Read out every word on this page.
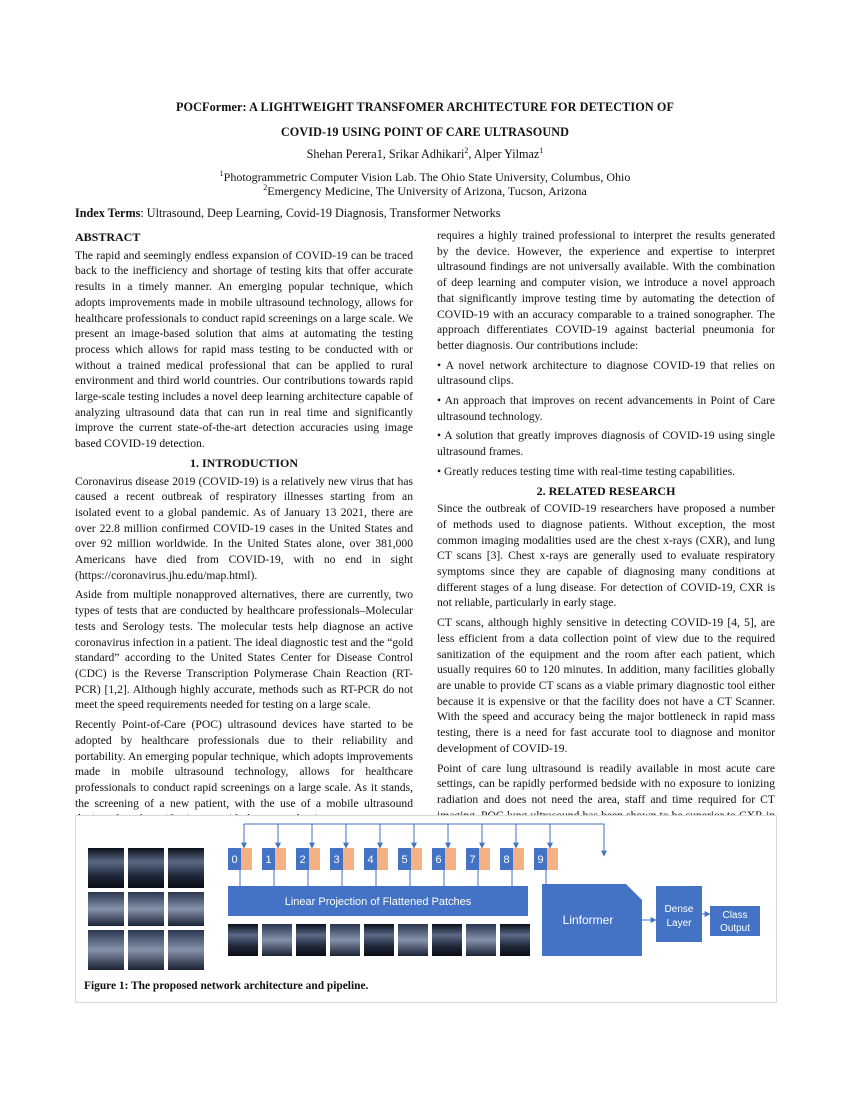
POCFormer: A LIGHTWEIGHT TRANSFOMER ARCHITECTURE FOR DETECTION OF
COVID-19 USING POINT OF CARE ULTRASOUND
Shehan Perera1, Srikar Adhikari$^2$, Alper Yilmaz$^1$
$^1$Photogrammetric Computer Vision Lab. The Ohio State University, Columbus, Ohio
$^2$Emergency Medicine, The University of Arizona, Tucson, Arizona
Index Terms: Ultrasound, Deep Learning, Covid-19 Diagnosis, Transformer Networks
ABSTRACT

The rapid and seemingly endless expansion of COVID-19 can be traced back to the inefficiency and shortage of testing kits that offer accurate results in a timely manner. An emerging popular technique, which adopts improvements made in mobile ultrasound technology, allows for healthcare professionals to conduct rapid screenings on a large scale. We present an image-based solution that aims at automating the testing process which allows for rapid mass testing to be conducted with or without a trained medical professional that can be applied to rural environment and third world countries. Our contributions towards rapid large-scale testing includes a novel deep learning architecture capable of analyzing ultrasound data that can run in real time and significantly improve the current state-of-the-art detection accuracies using image based COVID-19 detection.

1. INTRODUCTION

Coronavirus disease 2019 (COVID-19) is a relatively new virus that has caused a recent outbreak of respiratory illnesses starting from an isolated event to a global pandemic. As of January 13 2021, there are over 22.8 million confirmed COVID-19 cases in the United States and over 92 million worldwide. In the United States alone, over 381,000 Americans have died from COVID-19, with no end in sight (https://coronavirus.jhu.edu/map.html).

Aside from multiple nonapproved alternatives, there are currently, two types of tests that are conducted by healthcare professionals–Molecular tests and Serology tests. The molecular tests help diagnose an active coronavirus infection in a patient. The ideal diagnostic test and the “gold standard” according to the United States Center for Disease Control (CDC) is the Reverse Transcription Polymerase Chain Reaction (RT-PCR) [1,2]. Although highly accurate, methods such as RT-PCR do not meet the speed requirements needed for testing on a large scale.

Recently Point-of-Care (POC) ultrasound devices have started to be adopted by healthcare professionals due to their reliability and portability. An emerging popular technique, which adopts improvements made in mobile ultrasound technology, allows for healthcare professionals to conduct rapid screenings on a large scale. As it stands, the screening of a new patient, with the use of a mobile ultrasound

requires a highly trained professional to interpret the results generated by the device. However, the experience and expertise to interpret ultrasound findings are not universally available. With the combination of deep learning and computer vision, we introduce a novel approach that significantly improve testing time by automating the detection of COVID-19 with an accuracy comparable to a trained sonographer. The approach differentiates COVID-19 against bacterial pneumonia for better diagnosis. Our contributions include:

• A novel network architecture to diagnose COVID-19 that relies on ultrasound clips.

• An approach that improves on recent advancements in Point of Care ultrasound technology.

• A solution that greatly improves diagnosis of COVID-19 using single ultrasound frames.

• Greatly reduces testing time with real-time testing capabilities.

2. RELATED RESEARCH

Since the outbreak of COVID-19 researchers have proposed a number of methods used to diagnose patients. Without exception, the most common imaging modalities used are the chest x-rays (CXR), and lung CT scans [3]. Chest x-rays are generally used to evaluate respiratory symptoms since they are capable of diagnosing many conditions at different stages of a lung disease. For detection of COVID-19, CXR is not reliable, particularly in early stage.

CT scans, although highly sensitive in detecting COVID-19 [4, 5], are less efficient from a data collection point of view due to the required sanitization of the equipment and the room after each patient, which usually requires 60 to 120 minutes. In addition, many facilities globally are unable to provide CT scans as a viable primary diagnostic tool either because it is expensive or that the facility does not have a CT Scanner. With the speed and accuracy being the major bottleneck in rapid mass testing, there is a need for fast accurate tool to diagnose and monitor development of COVID-19.

Point of care lung ultrasound is readily available in most acute care settings, can be rapidly performed bedside with no exposure to ionizing radiation and does not need the area, staff and time required for CT

0	1	2	3	4	5	6	7	8	9
Linear Projection of Flattened Patches
Linformer
Dense
Layer
Class
Output
Figure 1: The proposed network architecture and pipeline.
